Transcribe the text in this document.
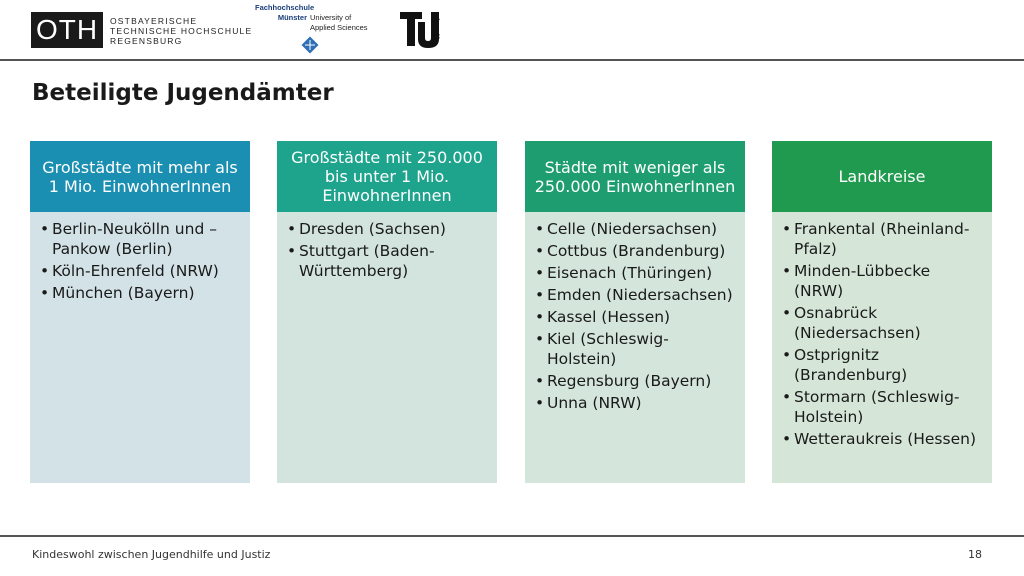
OTH OSTBAYERISCHE
TECHNISCHE HOCHSCHULE
REGENSBURG
Fachhochschule
Münster University of
Applied Sciences	berlin
Beteiligte Jugendämter
Großstädte mit mehr als 1 Mio. EinwohnerInnen
• Berlin-Neukölln und –Pankow (Berlin)
• Köln-Ehrenfeld (NRW)
• München (Bayern)
Großstädte mit 250.000 bis unter 1 Mio. EinwohnerInnen
• Dresden (Sachsen)
• Stuttgart (Baden-Württemberg)
Städte mit weniger als 250.000 EinwohnerInnen
• Celle (Niedersachsen)
• Cottbus (Brandenburg)
• Eisenach (Thüringen)
• Emden (Niedersachsen)
• Kassel (Hessen)
• Kiel (Schleswig-Holstein)
• Regensburg (Bayern)
• Unna (NRW)
Landkreise
• Frankental (Rheinland-Pfalz)
• Minden-Lübbecke (NRW)
• Osnabrück (Niedersachsen)
• Ostprignitz (Brandenburg)
• Stormarn (Schleswig-Holstein)
• Wetteraukreis (Hessen)
Kindeswohl zwischen Jugendhilfe und Justiz	18
